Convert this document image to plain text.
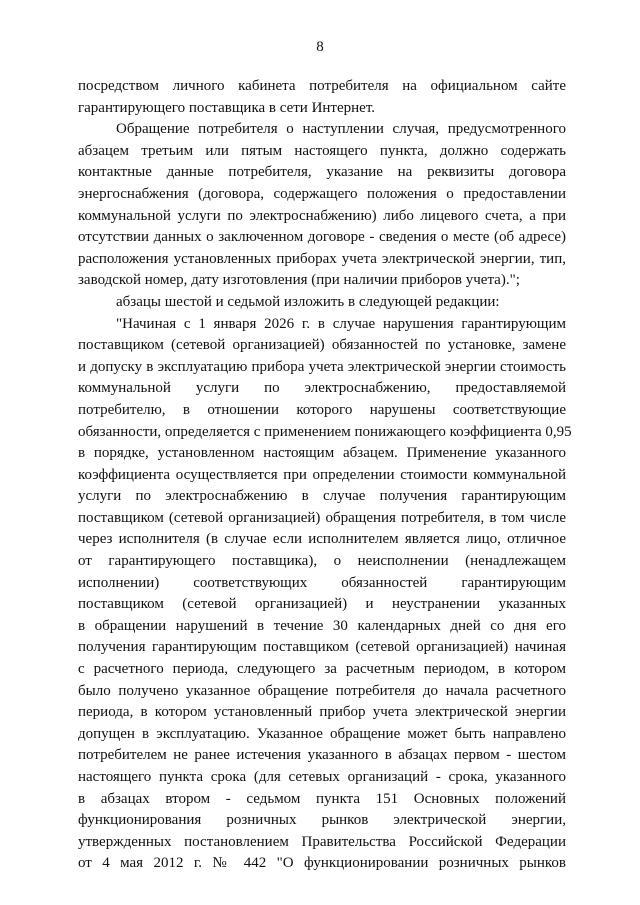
8

посредством личного кабинета потребителя на официальном сайте
гарантирующего поставщика в сети Интернет.

Обращение потребителя о наступлении случая, предусмотренного
абзацем третьим или пятым настоящего пункта, должно содержать
контактные данные потребителя, указание на реквизиты договора
энергоснабжения (договора, содержащего положения о предоставлении
коммунальной услуги по электроснабжению) либо лицевого счета, а при
отсутствии данных о заключенном договоре - сведения о месте (об адресе)
расположения установленных приборах учета электрической энергии, тип,
заводской номер, дату изготовления (при наличии приборов учета).";

абзацы шестой и седьмой изложить в следующей редакции:

"Начиная с 1 января 2026 г. в случае нарушения гарантирующим
поставщиком (сетевой организацией) обязанностей по установке, замене
и допуску в эксплуатацию прибора учета электрической энергии стоимость
коммунальной услуги по электроснабжению, предоставляемой
потребителю, в отношении которого нарушены соответствующие
обязанности, определяется с применением понижающего коэффициента 0,95
в порядке, установленном настоящим абзацем. Применение указанного
коэффициента осуществляется при определении стоимости коммунальной
услуги по электроснабжению в случае получения гарантирующим
поставщиком (сетевой организацией) обращения потребителя, в том числе
через исполнителя (в случае если исполнителем является лицо, отличное
от гарантирующего поставщика), о неисполнении (ненадлежащем
исполнении) соответствующих обязанностей гарантирующим
поставщиком (сетевой организацией) и неустранении указанных
в обращении нарушений в течение 30 календарных дней со дня его
получения гарантирующим поставщиком (сетевой организацией) начиная
с расчетного периода, следующего за расчетным периодом, в котором
было получено указанное обращение потребителя до начала расчетного
периода, в котором установленный прибор учета электрической энергии
допущен в эксплуатацию. Указанное обращение может быть направлено
потребителем не ранее истечения указанного в абзацах первом - шестом
настоящего пункта срока (для сетевых организаций - срока, указанного
в абзацах втором - седьмом пункта 151 Основных положений
функционирования розничных рынков электрической энергии,
утвержденных постановлением Правительства Российской Федерации
от 4 мая 2012 г. № 442 "О функционировании розничных рынков
